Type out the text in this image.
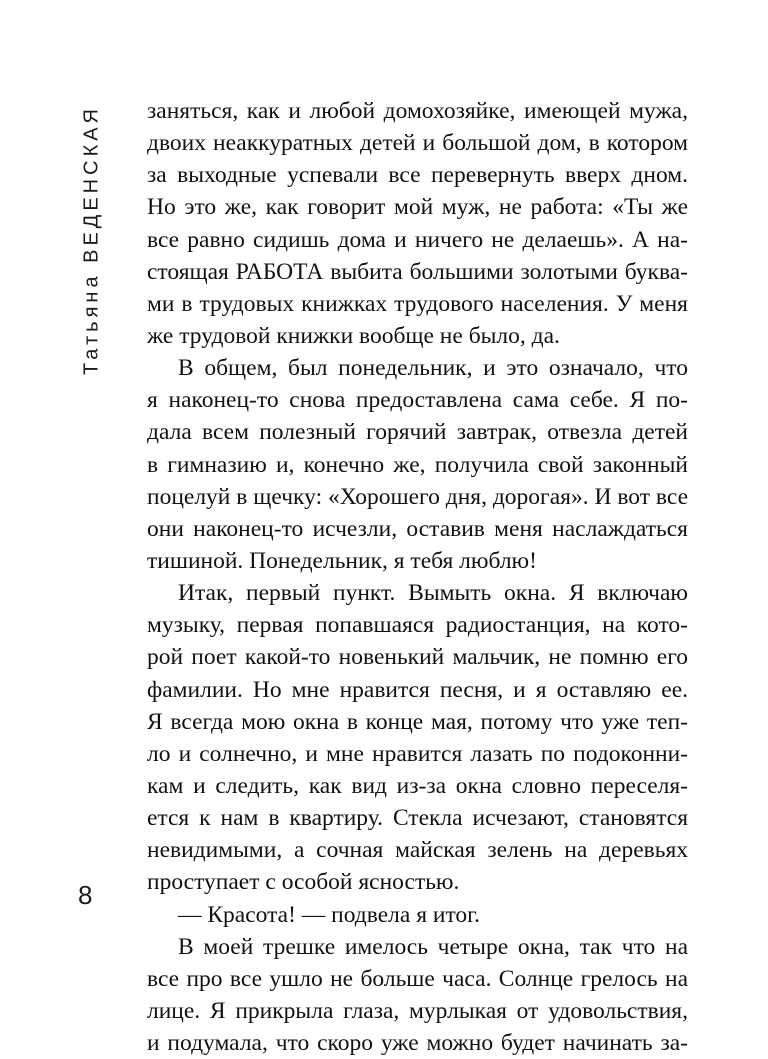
Татьяна ВЕДЕНСКАЯ
8
заняться, как и любой домохозяйке, имеющей мужа,
двоих неаккуратных детей и большой дом, в котором
за выходные успевали все перевернуть вверх дном.
Но это же, как говорит мой муж, не работа: «Ты же
все равно сидишь дома и ничего не делаешь». А на-
стоящая РАБОТА выбита большими золотыми буква-
ми в трудовых книжках трудового населения. У меня
же трудовой книжки вообще не было, да.
В общем, был понедельник, и это означало, что
я наконец-то снова предоставлена сама себе. Я по-
дала всем полезный горячий завтрак, отвезла детей
в гимназию и, конечно же, получила свой законный
поцелуй в щечку: «Хорошего дня, дорогая». И вот все
они наконец-то исчезли, оставив меня наслаждаться
тишиной. Понедельник, я тебя люблю!
Итак, первый пункт. Вымыть окна. Я включаю
музыку, первая попавшаяся радиостанция, на кото-
рой поет какой-то новенький мальчик, не помню его
фамилии. Но мне нравится песня, и я оставляю ее.
Я всегда мою окна в конце мая, потому что уже теп-
ло и солнечно, и мне нравится лазать по подоконни-
кам и следить, как вид из-за окна словно переселя-
ется к нам в квартиру. Стекла исчезают, становятся
невидимыми, а сочная майская зелень на деревьях
проступает с особой ясностью.
— Красота! — подвела я итог.
В моей трешке имелось четыре окна, так что на
все про все ушло не больше часа. Солнце грелось на
лице. Я прикрыла глаза, мурлыкая от удовольствия,
и подумала, что скоро уже можно будет начинать за-
